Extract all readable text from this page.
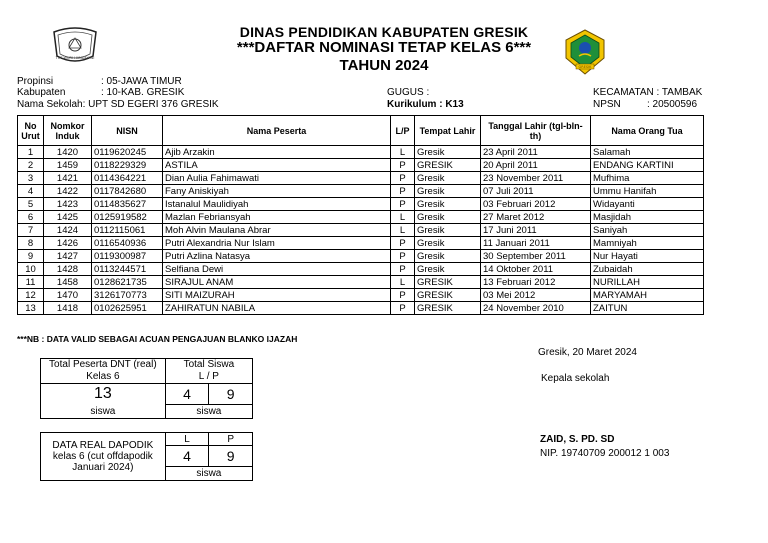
TUT WURI HANDAYANI
GRESIK
DINAS PENDIDIKAN KABUPATEN GRESIK
***DAFTAR NOMINASI TETAP KELAS 6***
TAHUN 2024
Propinsi	: 05-JAWA TIMUR
Kabupaten	: 10-KAB. GRESIK
Nama Sekolah: UPT SD EGERI 376 GRESIK
GUGUS :
Kurikulum : K13
KECAMATAN : TAMBAK
NPSN	: 20500596
No Urut	Nomkor Induk	NISN	Nama Peserta	L/P	Tempat Lahir	Tanggal Lahir (tgl-bln-th)	Nama Orang Tua
1	1420	0119620245	Ajib Arzakin	L	Gresik	23 April 2011	Salamah
2	1459	0118229329	ASTILA	P	GRESIK	20 April 2011	ENDANG KARTINI
3	1421	0114364221	Dian Aulia Fahimawati	P	Gresik	23 November 2011	Mufhima
4	1422	0117842680	Fany Aniskiyah	P	Gresik	07 Juli 2011	Ummu Hanifah
5	1423	0114835627	Istanalul Maulidiyah	P	Gresik	03 Februari 2012	Widayanti
6	1425	0125919582	Mazlan Febriansyah	L	Gresik	27 Maret 2012	Masjidah
7	1424	0112115061	Moh Alvin Maulana Abrar	L	Gresik	17 Juni 2011	Saniyah
8	1426	0116540936	Putri Alexandria Nur Islam	P	Gresik	11 Januari 2011	Mamniyah
9	1427	0119300987	Putri Azlina Natasya	P	Gresik	30 September 2011	Nur Hayati
10	1428	0113244571	Selfiana Dewi	P	Gresik	14 Oktober 2011	Zubaidah
11	1458	0128621735	SIRAJUL ANAM	L	GRESIK	13 Februari 2012	NURILLAH
12	1470	3126170773	SITI MAIZURAH	P	GRESIK	03 Mei 2012	MARYAMAH
13	1418	0102625951	ZAHIRATUN NABILA	P	GRESIK	24 November 2010	ZAITUN
***NB : DATA VALID SEBAGAI ACUAN PENGAJUAN BLANKO IJAZAH
Total Peserta DNT (real) Kelas 6	Total Siswa
L / P	

13	4	9
siswa	siswa	
DATA REAL DAPODIK kelas 6 (cut offdapodik Januari 2024)	L	P
	4	9
	siswa	
Gresik, 20 Maret 2024
Kepala sekolah
ZAID, S. PD. SD
NIP. 19740709 200012 1 003
